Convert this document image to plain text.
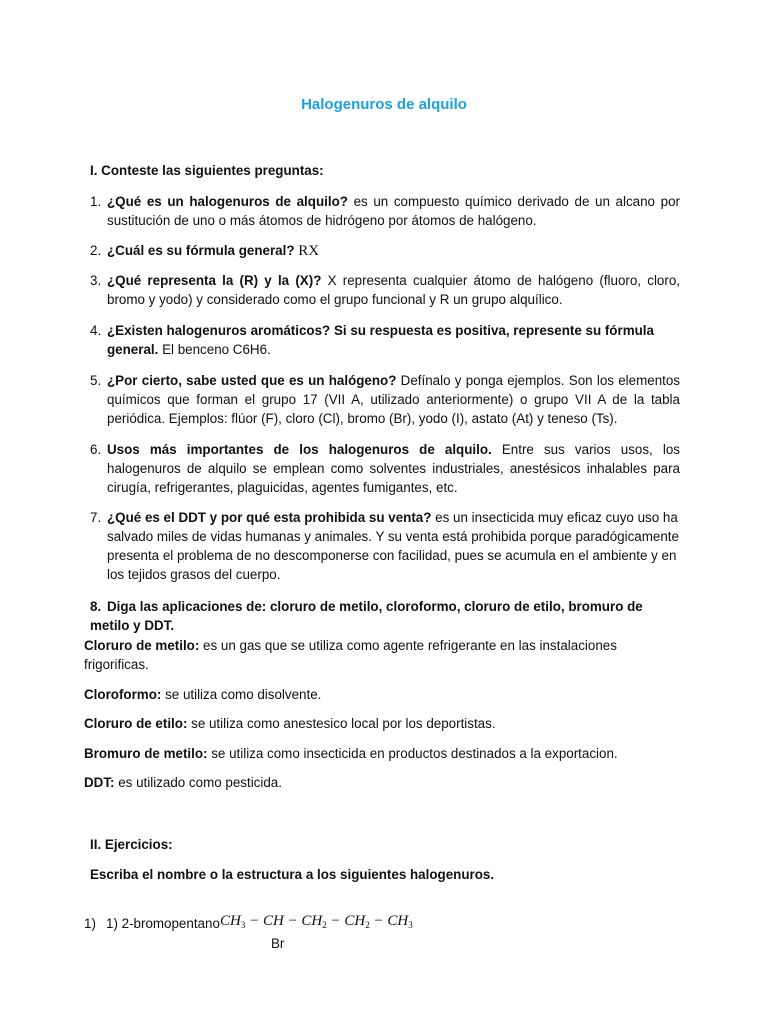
Halogenuros de alquilo
I. Conteste las siguientes preguntas:
1. ¿Qué es un halogenuros de alquilo? es un compuesto químico derivado de un alcano por sustitución de uno o más átomos de hidrógeno por átomos de halógeno.
2. ¿Cuál es su fórmula general? RX
3. ¿Qué representa la (R) y la (X)? X representa cualquier átomo de halógeno (fluoro, cloro, bromo y yodo) y considerado como el grupo funcional y R un grupo alquílico.
4. ¿Existen halogenuros aromáticos? Si su respuesta es positiva, represente su fórmula general. El benceno C6H6.
5. ¿Por cierto, sabe usted que es un halógeno? Defínalo y ponga ejemplos. Son los elementos químicos que forman el grupo 17 (VII A, utilizado anteriormente) o grupo VII A de la tabla periódica. Ejemplos: flúor (F), cloro (Cl), bromo (Br), yodo (I), astato (At) y teneso (Ts).
6. Usos más importantes de los halogenuros de alquilo. Entre sus varios usos, los halogenuros de alquilo se emplean como solventes industriales, anestésicos inhalables para cirugía, refrigerantes, plaguicidas, agentes fumigantes, etc.
7. ¿Qué es el DDT y por qué esta prohibida su venta? es un insecticida muy eficaz cuyo uso ha salvado miles de vidas humanas y animales. Y su venta está prohibida porque paradógicamente presenta el problema de no descomponerse con facilidad, pues se acumula en el ambiente y en los tejidos grasos del cuerpo.
8. Diga las aplicaciones de: cloruro de metilo, cloroformo, cloruro de etilo, bromuro de metilo y DDT.
Cloruro de metilo: es un gas que se utiliza como agente refrigerante en las instalaciones frigorificas.
Cloroformo: se utiliza como disolvente.
Cloruro de etilo: se utiliza como anestesico local por los deportistas.
Bromuro de metilo: se utiliza como insecticida en productos destinados a la exportacion.
DDT: es utilizado como pesticida.
II. Ejercicios:
Escriba el nombre o la estructura a los siguientes halogenuros.
1) 1) 2-bromopentano $CH_3$ − CH − $CH_2 - CH_2 - CH_3$
Br
